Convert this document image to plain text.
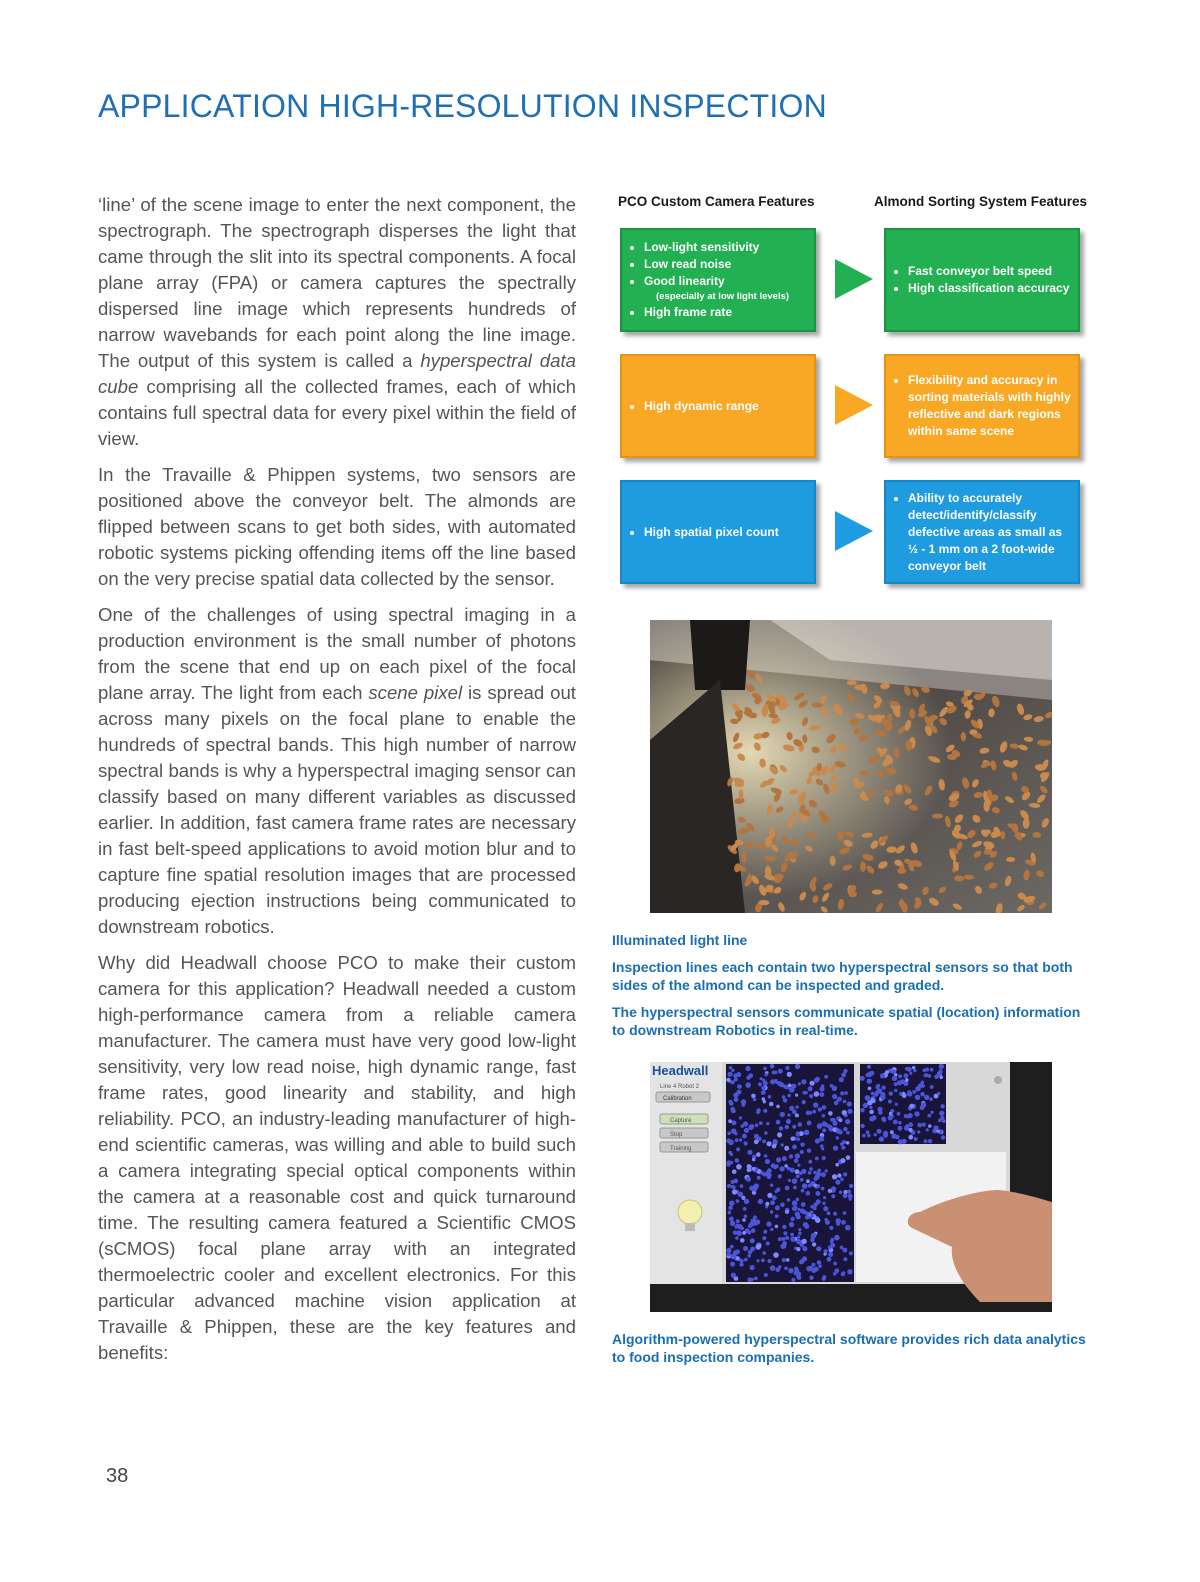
APPLICATION HIGH-RESOLUTION INSPECTION

‘line’ of the scene image to enter the next component, the spectrograph. The spectrograph disperses the light that came through the slit into its spectral components. A focal plane array (FPA) or camera captures the spectrally dispersed line image which represents hundreds of narrow wavebands for each point along the line image. The output of this system is called a hyperspectral data cube comprising all the collected frames, each of which contains full spectral data for every pixel within the field of view.

In the Travaille & Phippen systems, two sensors are positioned above the conveyor belt. The almonds are flipped between scans to get both sides, with automated robotic systems picking offending items off the line based on the very precise spatial data collected by the sensor.

One of the challenges of using spectral imaging in a production environment is the small number of photons from the scene that end up on each pixel of the focal plane array. The light from each scene pixel is spread out across many pixels on the focal plane to enable the hundreds of spectral bands. This high number of narrow spectral bands is why a hyperspectral imaging sensor can classify based on many different variables as discussed earlier. In addition, fast camera frame rates are necessary in fast belt-speed applications to avoid motion blur and to capture fine spatial resolution images that are processed producing ejection instructions being communicated to downstream robotics.

Why did Headwall choose PCO to make their custom camera for this application? Headwall needed a custom high-performance camera from a reliable camera manufacturer. The camera must have very good low-light sensitivity, very low read noise, high dynamic range, fast frame rates, good linearity and stability, and high reliability. PCO, an industry-leading manufacturer of high-end scientific cameras, was willing and able to build such a camera integrating special optical components within the camera at a reasonable cost and quick turnaround time. The resulting camera featured a Scientific CMOS (sCMOS) focal plane array with an integrated thermoelectric cooler and excellent electronics. For this particular advanced machine vision application at Travaille & Phippen, these are the key features and benefits:

PCO Custom Camera Features	Almond Sorting System Features
• Low-light sensitivity
• Low read noise
• Good linearity
(especially at low light levels)
• High frame rate
• Fast conveyor belt speed
• High classification accuracy
• High dynamic range
• Flexibility and accuracy in sorting materials with highly reflective and dark regions within same scene
• High spatial pixel count
• Ability to accurately detect/identify/classify defective areas as small as ½ - 1 mm on a 2 foot-wide conveyor belt

Illuminated light line

Inspection lines each contain two hyperspectral sensors so that both sides of the almond can be inspected and graded.

The hyperspectral sensors communicate spatial (location) information to downstream Robotics in real-time.

Headwall
Line 4 Robot 2
Calibration
Capture
Stop
Training

Algorithm-powered hyperspectral software provides rich data analytics to food inspection companies.

38
